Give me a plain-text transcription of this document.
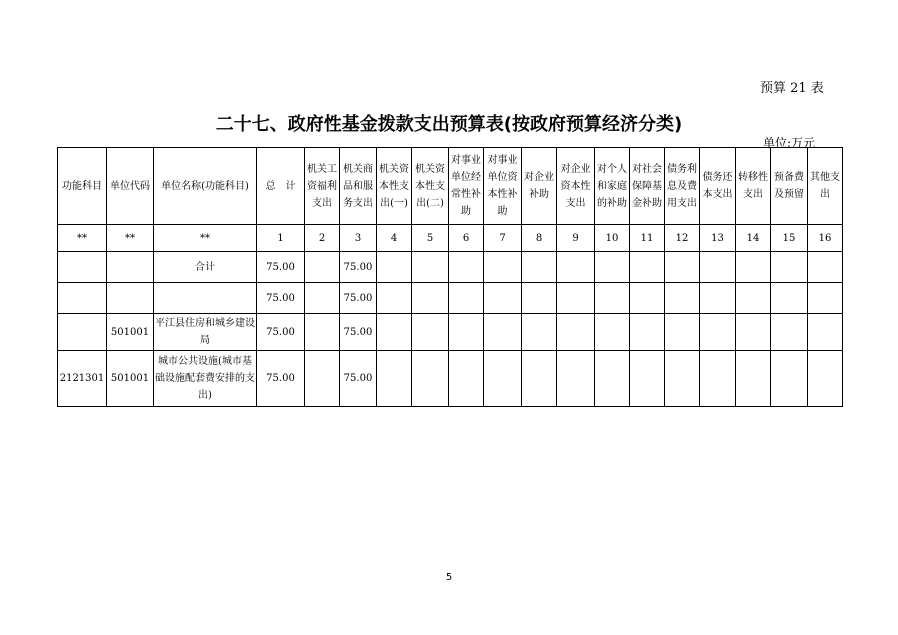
预算 21 表
二十七、政府性基金拨款支出预算表(按政府预算经济分类)
单位:万元
功能科目	单位代码	单位名称(功能科目)	总　计	机关工资福利支出	机关商品和服务支出	机关资本性支出(一)	机关资本性支出(二)	对事业单位经常性补助	对事业单位资本性补助	对企业补助	对企业资本性支出	对个人和家庭的补助	对社会保障基金补助	债务利息及费用支出	债务还本支出	转移性支出	预备费及预留	其他支出
**	**	**	1	2	3	4	5	6	7	8	9	10	11	12	13	14	15	16
		合计	75.00		75.00													
			75.00		75.00													
	501001	平江县住房和城乡建设局	75.00		75.00													
2121301	501001	城市公共设施(城市基础设施配套费安排的支出)	75.00		75.00													
5
